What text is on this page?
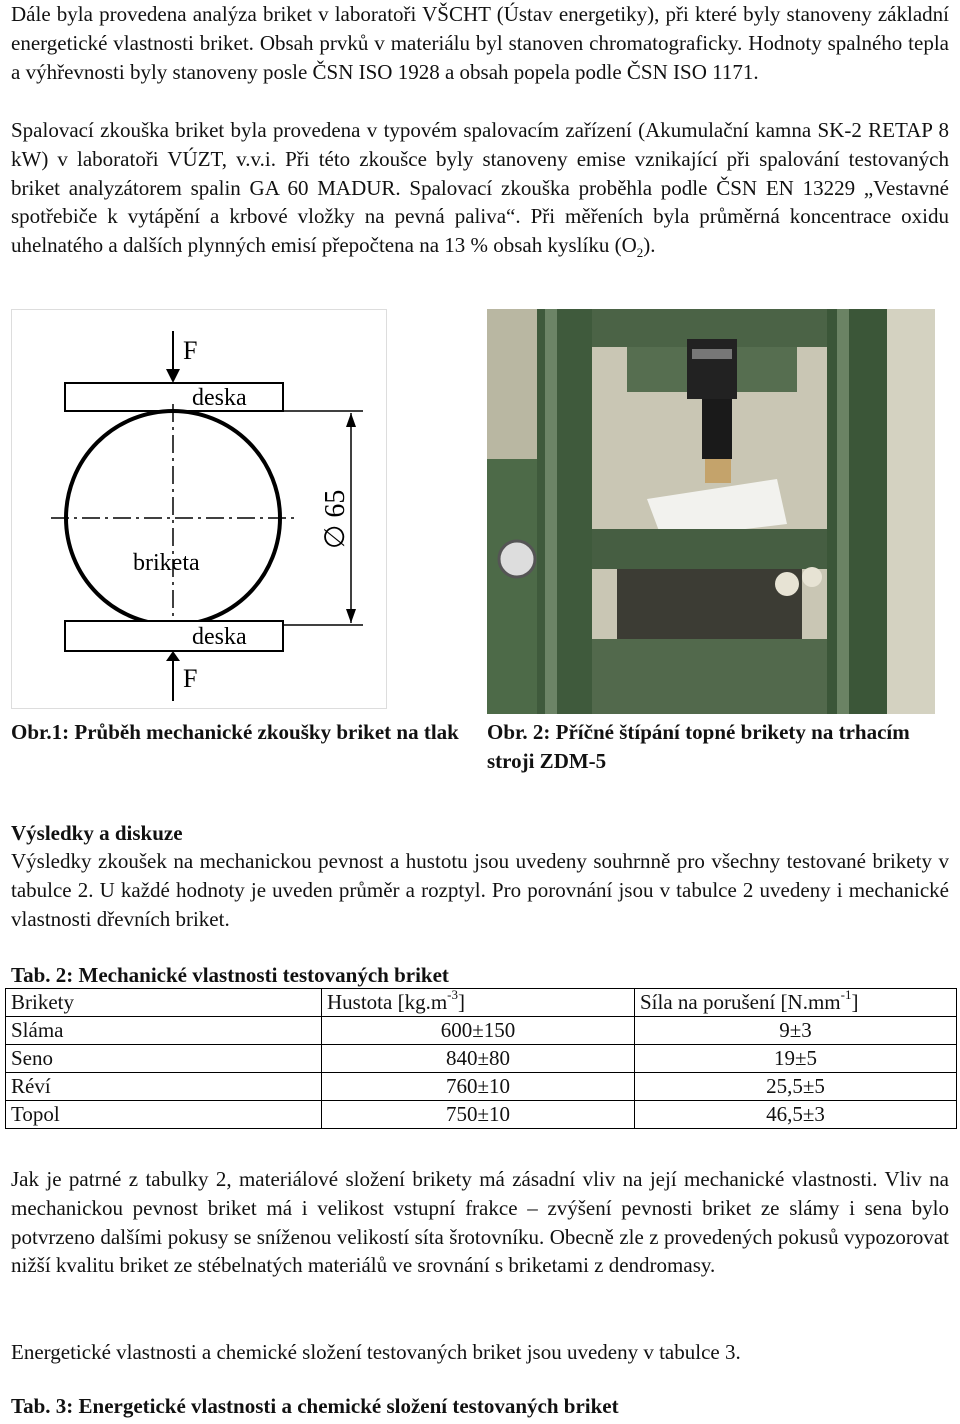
Dále byla provedena analýza briket v laboratoři VŠCHT (Ústav energetiky), při které byly stanoveny základní energetické vlastnosti briket. Obsah prvků v materiálu byl stanoven chromatograficky. Hodnoty spalného tepla a výhřevnosti byly stanoveny posle ČSN ISO 1928 a obsah popela podle ČSN ISO 1171.

Spalovací zkouška briket byla provedena v typovém spalovacím zařízení (Akumulační kamna SK-2 RETAP 8 kW) v laboratoři VÚZT, v.v.i. Při této zkoušce byly stanoveny emise vznikající při spalování testovaných briket analyzátorem spalin GA 60 MADUR. Spalovací zkouška proběhla podle ČSN EN 13229 „Vestavné spotřebiče k vytápění a krbové vložky na pevná paliva“. Při měřeních byla průměrná koncentrace oxidu uhelnatého a dalších plynných emisí přepočtena na 13 % obsah kyslíku $(O_2)$.

F
deska
briketa
∅ 65
deska
F

Obr.1: Průběh mechanické zkoušky briket na tlak	Obr. 2: Příčné štípání topné brikety na trhacím stroji ZDM-5

Výsledky a diskuze

Výsledky zkoušek na mechanickou pevnost a hustotu jsou uvedeny souhrnně pro všechny testované brikety v tabulce 2. U každé hodnoty je uveden průměr a rozptyl. Pro porovnání jsou v tabulce 2 uvedeny i mechanické vlastnosti dřevních briket.

Tab. 2: Mechanické vlastnosti testovaných briket

Brikety	Hustota $[kg.m^{-3}]$	Síla na porušení $[N.mm^{-1}]$
Sláma	600±150	9±3
Seno	840±80	19±5
Réví	760±10	25,5±5
Topol	750±10	46,5±3

Jak je patrné z tabulky 2, materiálové složení brikety má zásadní vliv na její mechanické vlastnosti. Vliv na mechanickou pevnost briket má i velikost vstupní frakce – zvýšení pevnosti briket ze slámy i sena bylo potvrzeno dalšími pokusy se sníženou velikostí síta šrotovníku. Obecně zle z provedených pokusů vypozorovat nižší kvalitu briket ze stébelnatých materiálů ve srovnání s briketami z dendromasy.

Energetické vlastnosti a chemické složení testovaných briket jsou uvedeny v tabulce 3.

Tab. 3: Energetické vlastnosti a chemické složení testovaných briket
